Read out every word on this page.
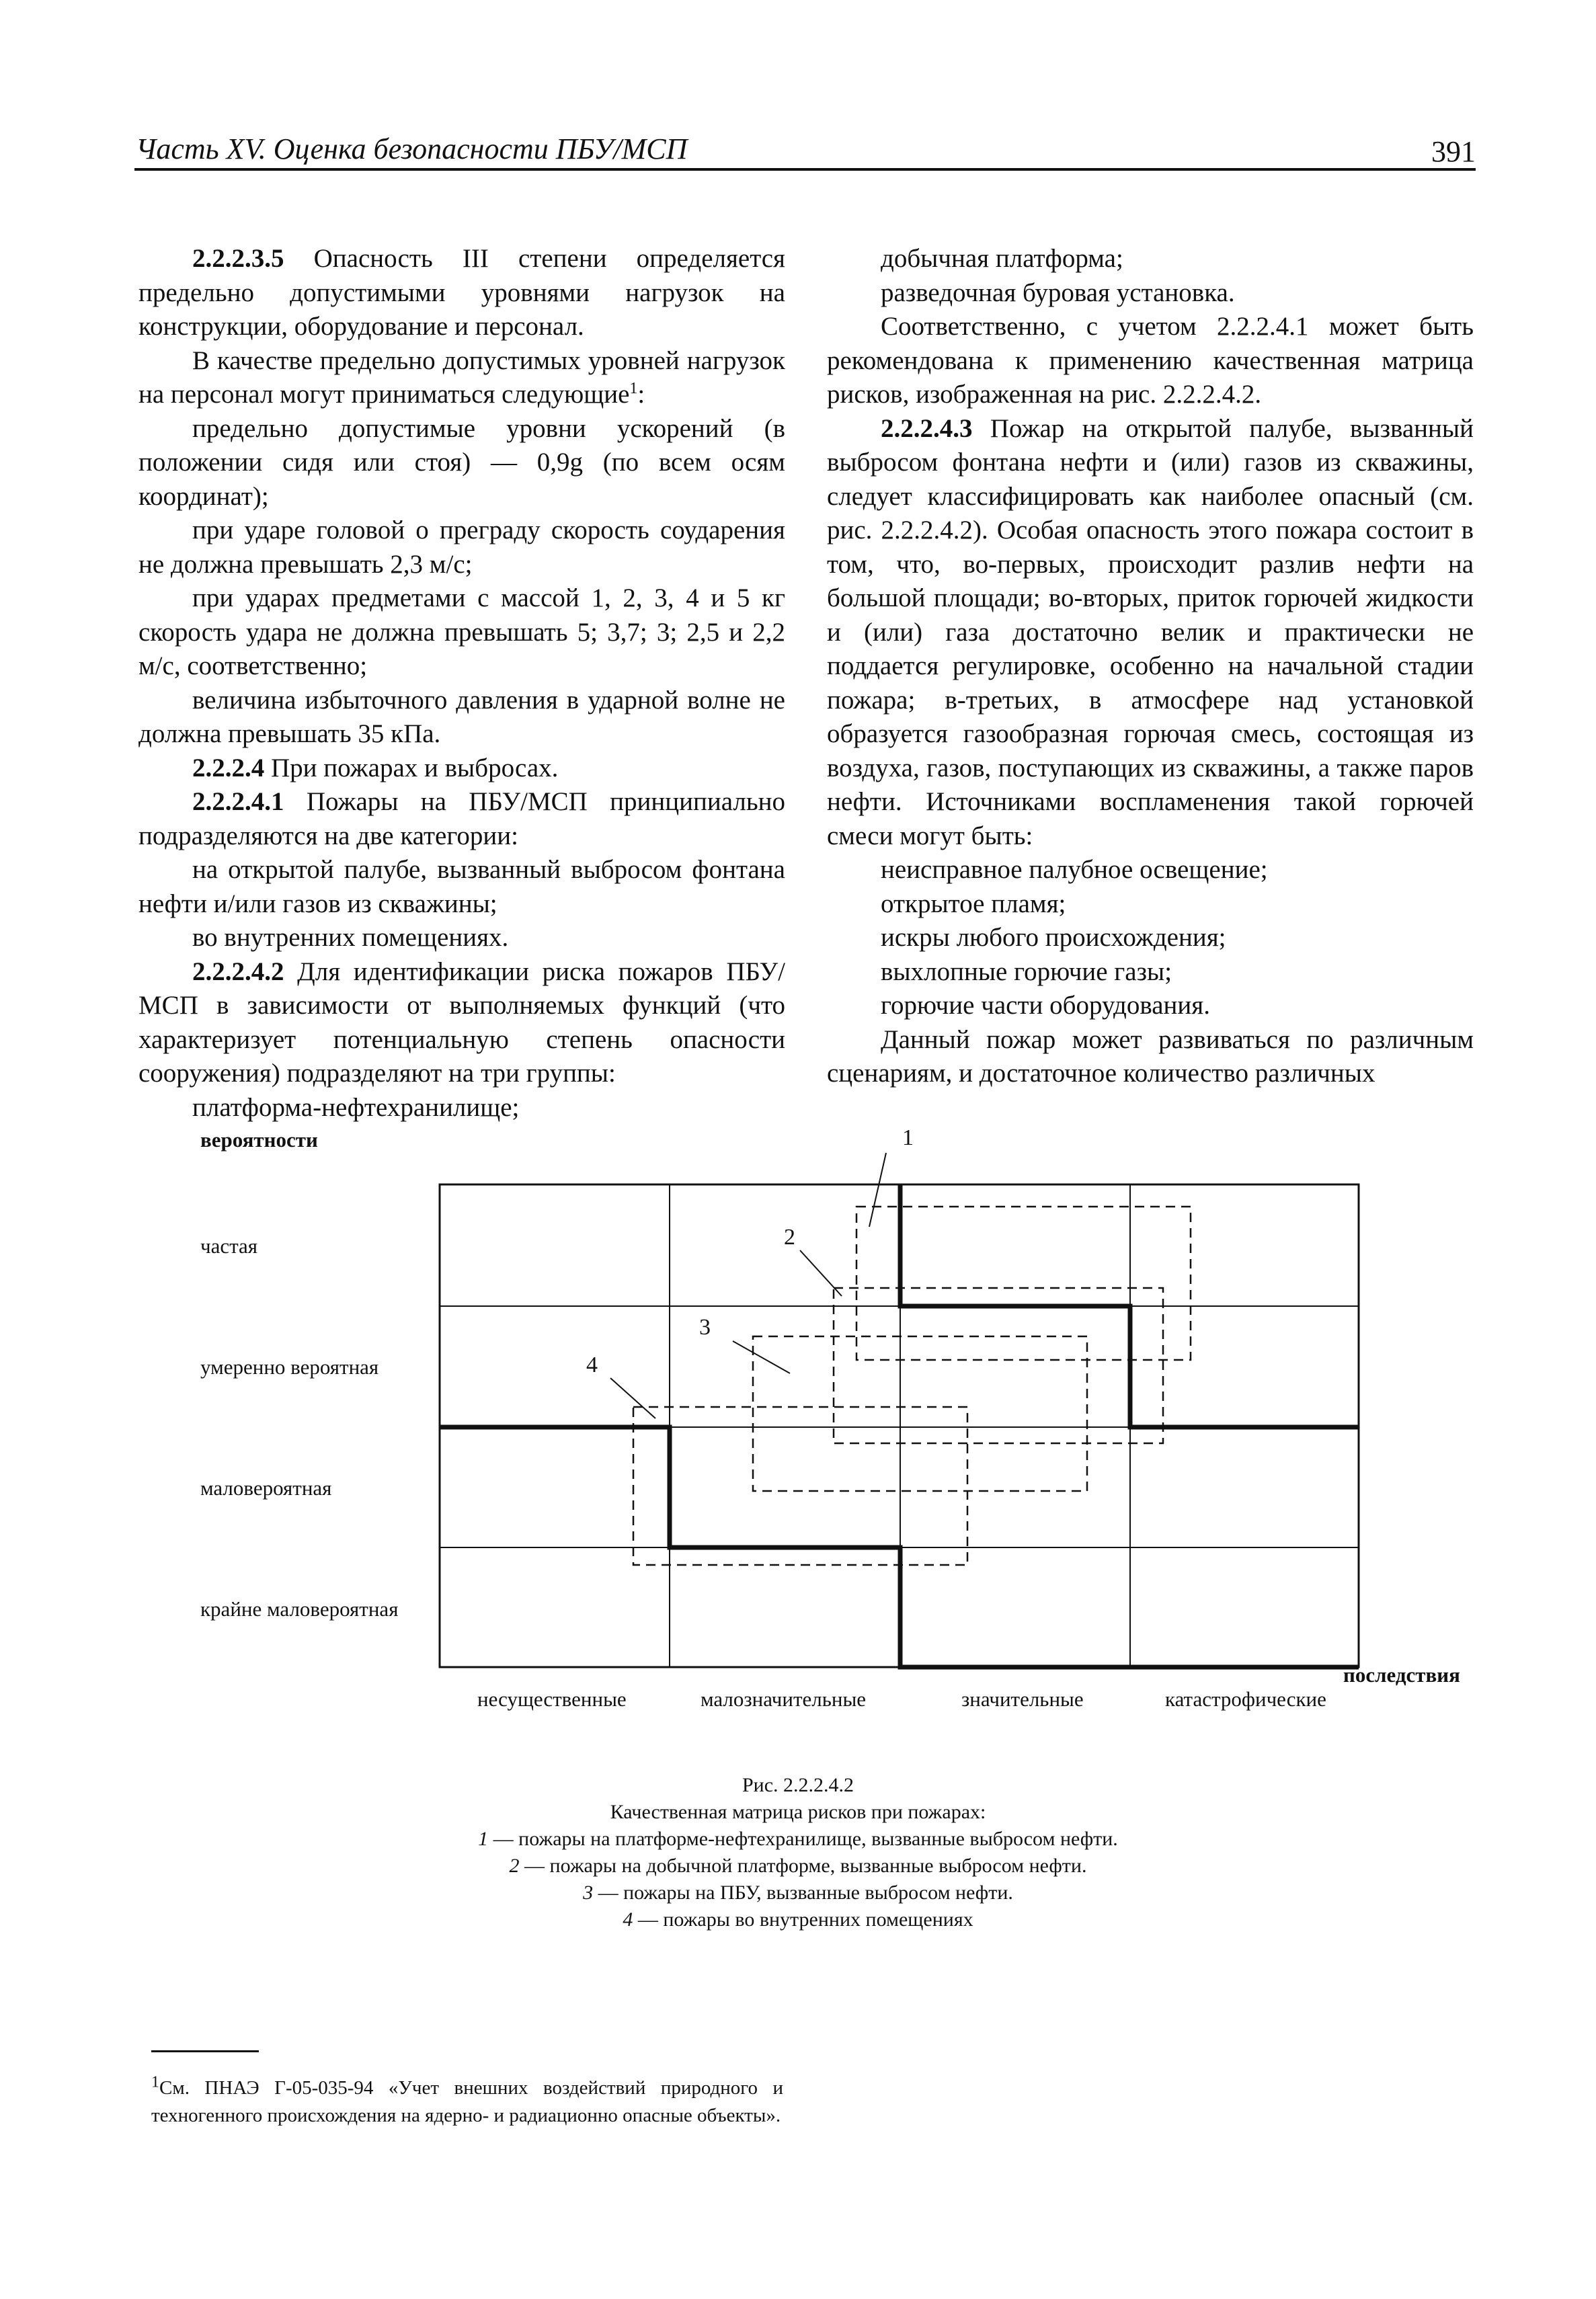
Часть XV. Оценка безопасности ПБУ/МСП	391

2.2.2.3.5 Опасность III степени определяется предельно допустимыми уровнями нагрузок на конструкции, оборудование и персонал.

В качестве предельно допустимых уровней нагрузок на персонал могут приниматься следующие$^1$:

предельно допустимые уровни ускорений (в положении сидя или стоя) — 0,9g (по всем осям координат);

при ударе головой о преграду скорость соударения не должна превышать 2,3 м/с;

при ударах предметами с массой 1, 2, 3, 4 и 5 кг скорость удара не должна превышать 5; 3,7; 3; 2,5 и 2,2 м/с, соответственно;

величина избыточного давления в ударной волне не должна превышать 35 кПа.

2.2.2.4 При пожарах и выбросах.

2.2.2.4.1 Пожары на ПБУ/МСП принципиально подразделяются на две категории:

на открытой палубе, вызванный выбросом фонтана нефти и/или газов из скважины;

во внутренних помещениях.

2.2.2.4.2 Для идентификации риска пожаров ПБУ/МСП в зависимости от выполняемых функций (что характеризует потенциальную степень опасности сооружения) подразделяют на три группы:

платформа-нефтехранилище;

добычная платформа;

разведочная буровая установка.

Соответственно, с учетом 2.2.2.4.1 может быть рекомендована к применению качественная матрица рисков, изображенная на рис. 2.2.2.4.2.

2.2.2.4.3 Пожар на открытой палубе, вызванный выбросом фонтана нефти и (или) газов из скважины, следует классифицировать как наиболее опасный (см. рис. 2.2.2.4.2). Особая опасность этого пожара состоит в том, что, во-первых, происходит разлив нефти на большой площади; во-вторых, приток горючей жидкости и (или) газа достаточно велик и практически не поддается регулировке, особенно на начальной стадии пожара; в-третьих, в атмосфере над установкой образуется газообразная горючая смесь, состоящая из воздуха, газов, поступающих из скважины, а также паров нефти. Источниками воспламенения такой горючей смеси могут быть:

неисправное палубное освещение;

открытое пламя;

искры любого происхождения;

выхлопные горючие газы;

горючие части оборудования.

Данный пожар может развиваться по различным сценариям, и достаточное количество различных

вероятности
последствия
частая
умеренно вероятная
маловероятная
крайне маловероятная
несущественные	малозначительные	значительные	катастрофические
1
2
3
4
Рис. 2.2.2.4.2
Качественная матрица рисков при пожарах:
1 — пожары на платформе-нефтехранилище, вызванные выбросом нефти.
2 — пожары на добычной платформе, вызванные выбросом нефти.
3 — пожары на ПБУ, вызванные выбросом нефти.
4 — пожары во внутренних помещениях
$^1$См. ПНАЭ Г-05-035-94 «Учет внешних воздействий природного и техногенного происхождения на ядерно- и радиационно опасные объекты».
